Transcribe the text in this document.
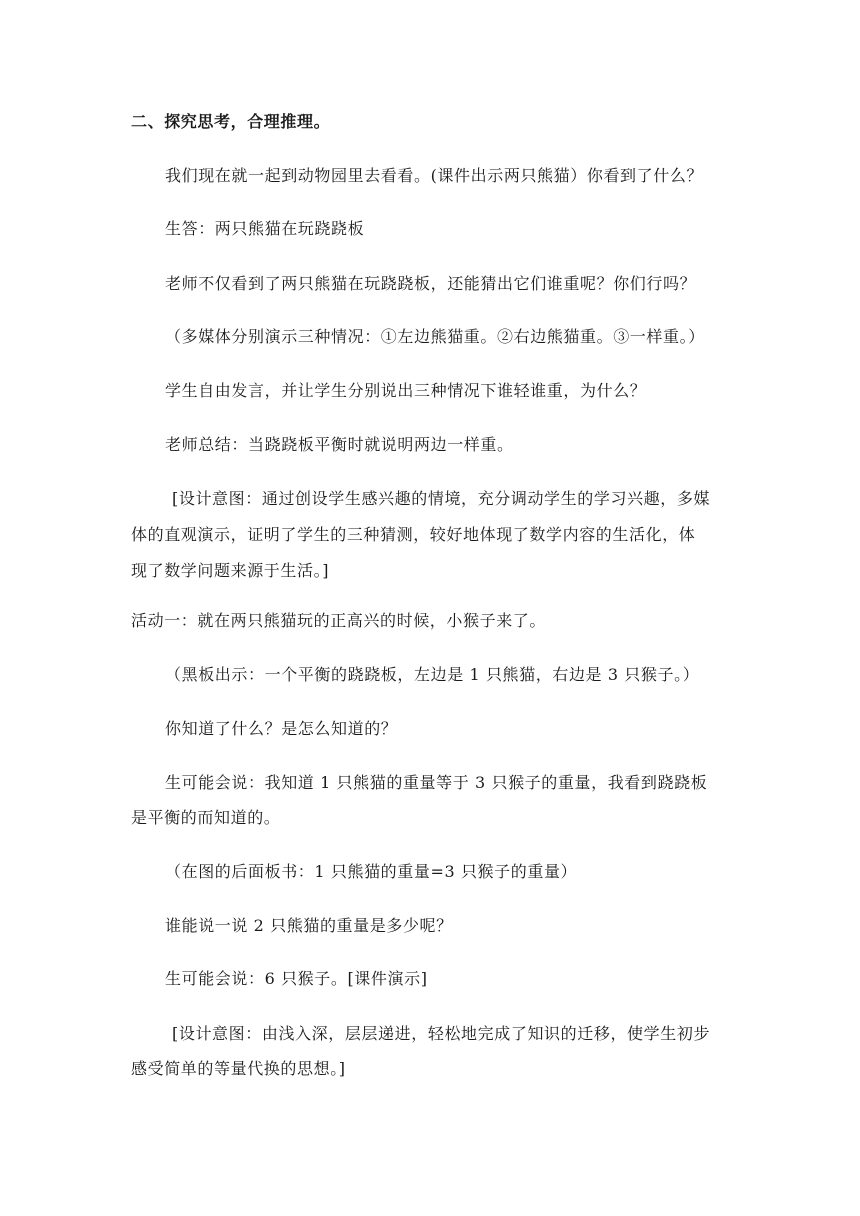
二、探究思考，合理推理。
我们现在就一起到动物园里去看看。(课件出示两只熊猫）你看到了什么？
生答：两只熊猫在玩跷跷板
老师不仅看到了两只熊猫在玩跷跷板，还能猜出它们谁重呢？你们行吗？
（多媒体分别演示三种情况：①左边熊猫重。②右边熊猫重。③一样重。）
学生自由发言，并让学生分别说出三种情况下谁轻谁重，为什么？
老师总结：当跷跷板平衡时就说明两边一样重。
[设计意图：通过创设学生感兴趣的情境，充分调动学生的学习兴趣，多媒
体的直观演示，证明了学生的三种猜测，较好地体现了数学内容的生活化，体
现了数学问题来源于生活。]
活动一：就在两只熊猫玩的正高兴的时候，小猴子来了。
（黑板出示：一个平衡的跷跷板，左边是 1 只熊猫，右边是 3 只猴子。）
你知道了什么？是怎么知道的？
生可能会说：我知道 1 只熊猫的重量等于 3 只猴子的重量，我看到跷跷板
是平衡的而知道的。
（在图的后面板书：1 只熊猫的重量=3 只猴子的重量）
谁能说一说 2 只熊猫的重量是多少呢？
生可能会说：6 只猴子。[课件演示]
[设计意图：由浅入深，层层递进，轻松地完成了知识的迁移，使学生初步
感受简单的等量代换的思想。]
